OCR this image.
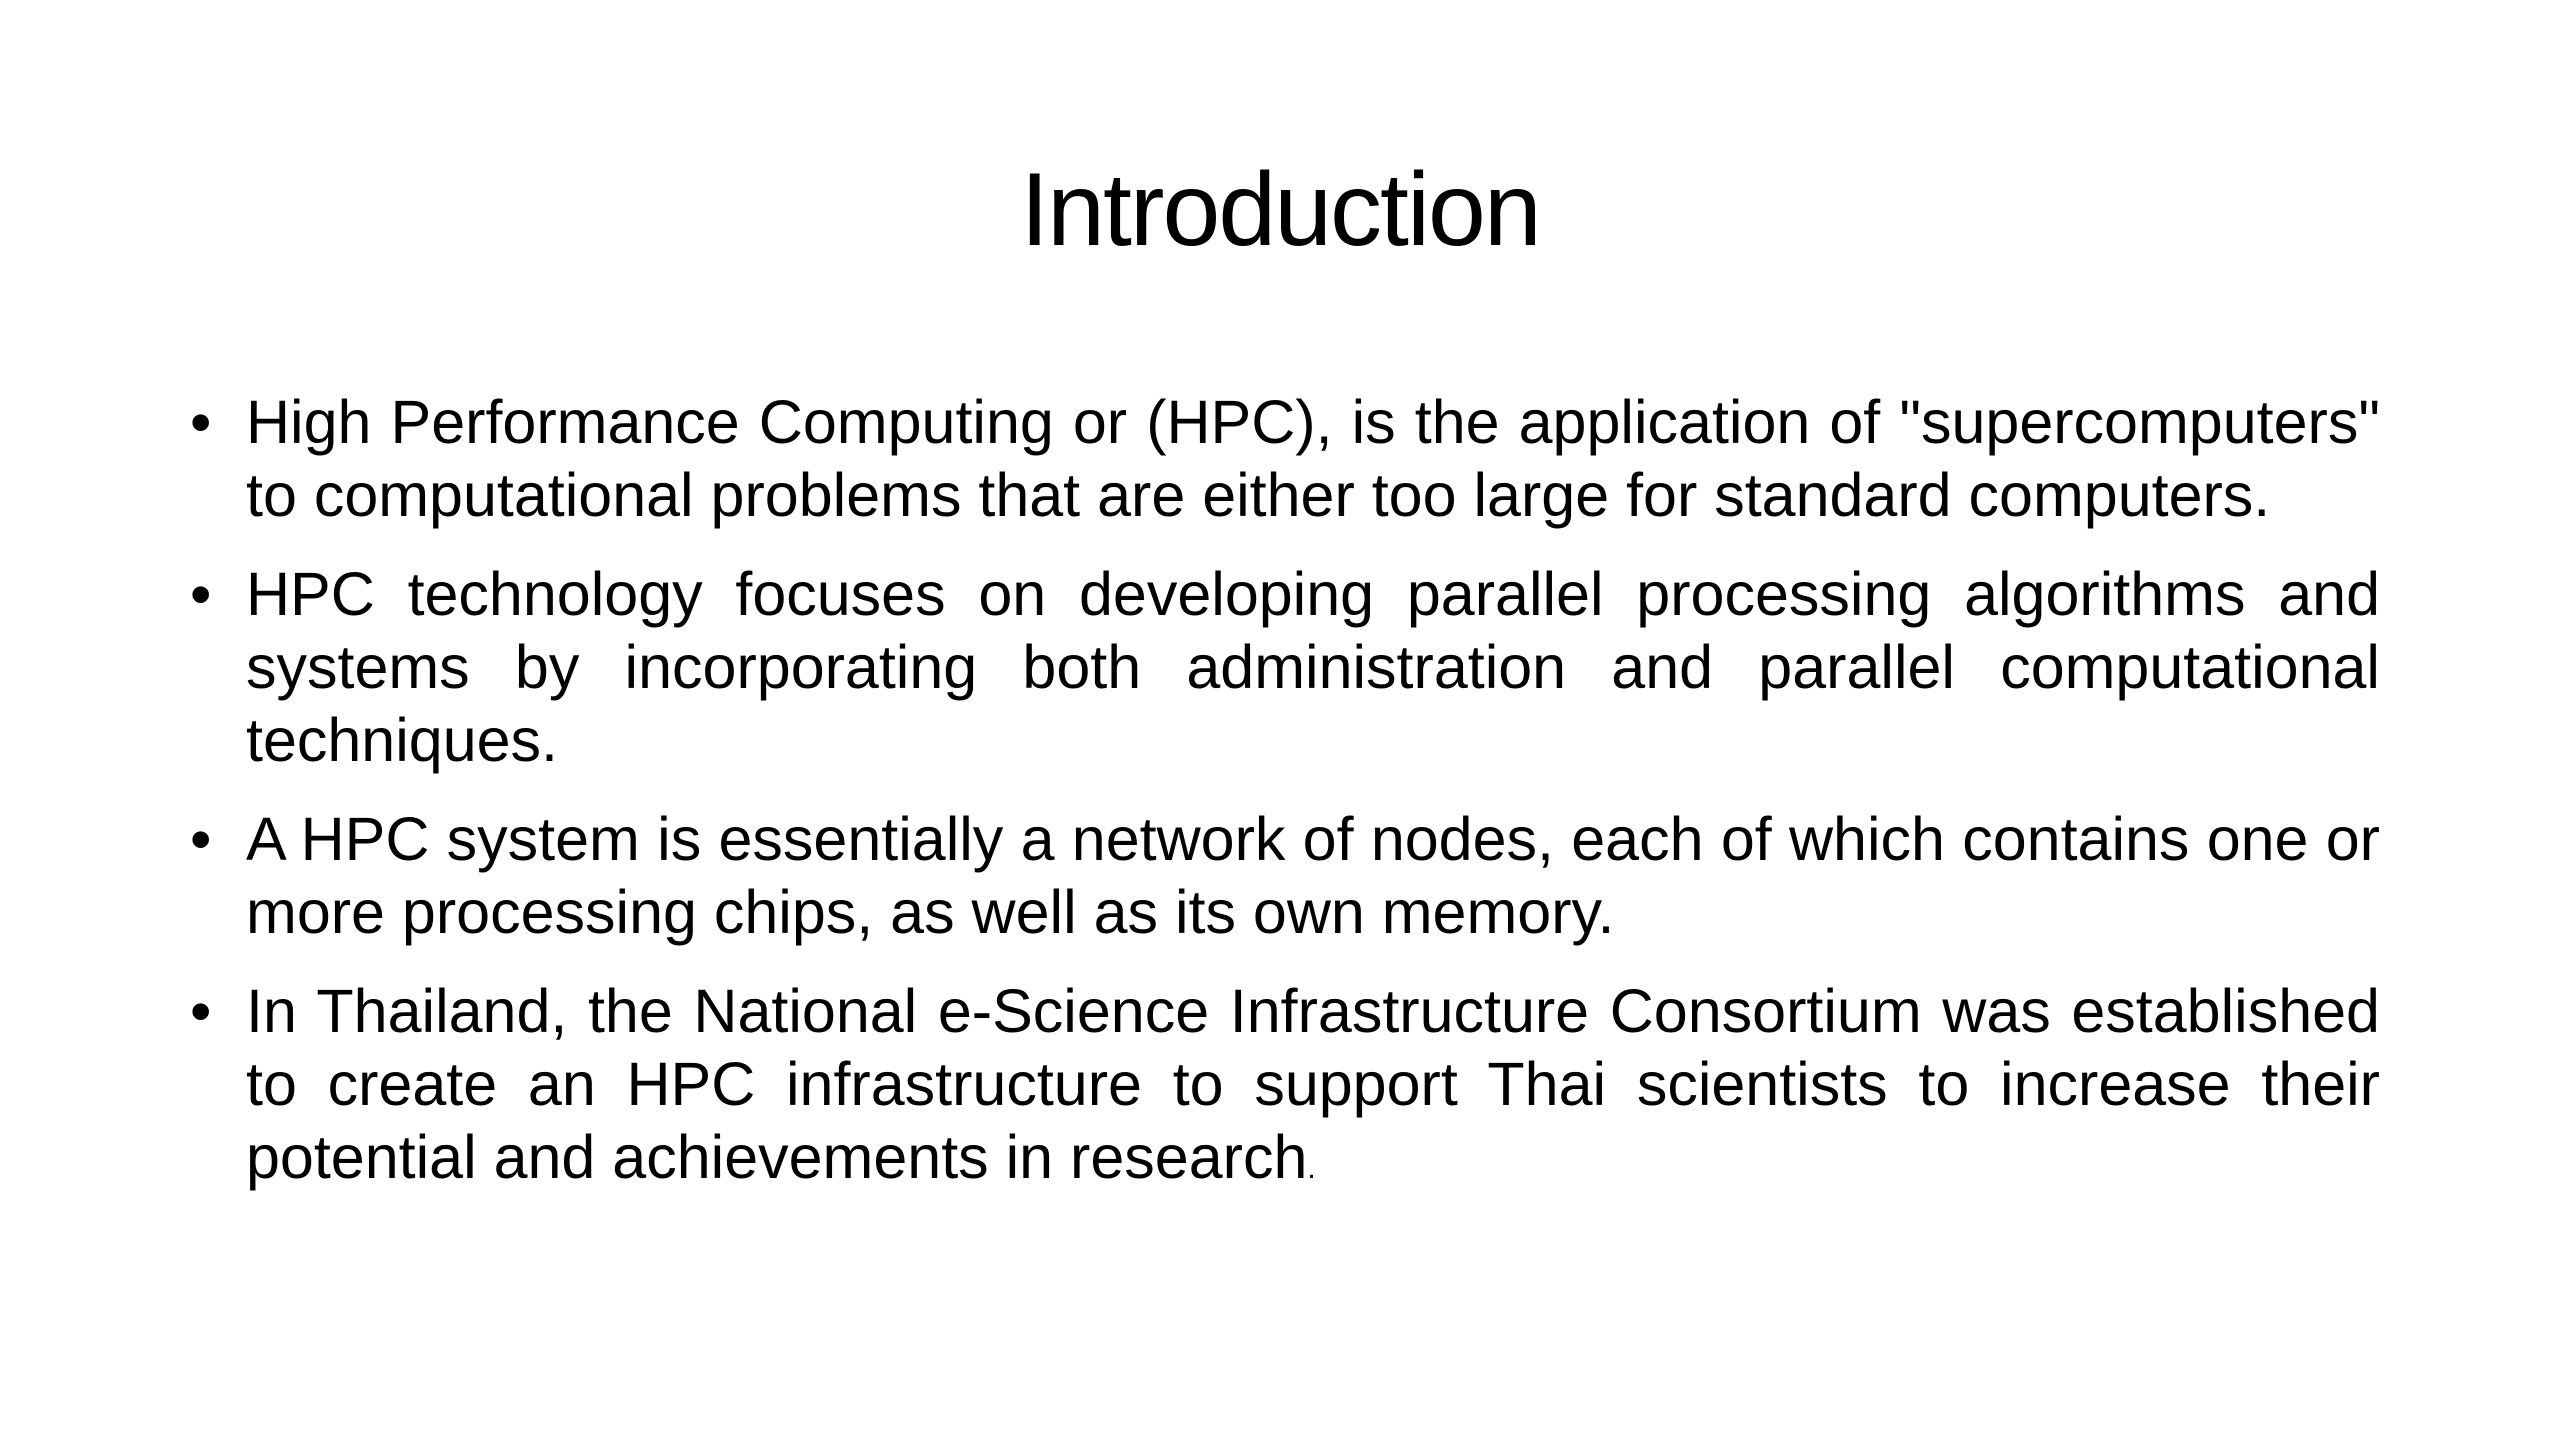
Introduction
• High Performance Computing or (HPC), is the application of "supercomputers" to computational problems that are either too large for standard computers.
• HPC technology focuses on developing parallel processing algorithms and systems by incorporating both administration and parallel computational techniques.
• A HPC system is essentially a network of nodes, each of which contains one or more processing chips, as well as its own memory.
• In Thailand, the National e-Science Infrastructure Consortium was established to create an HPC infrastructure to support Thai scientists to increase their potential and achievements in research.
